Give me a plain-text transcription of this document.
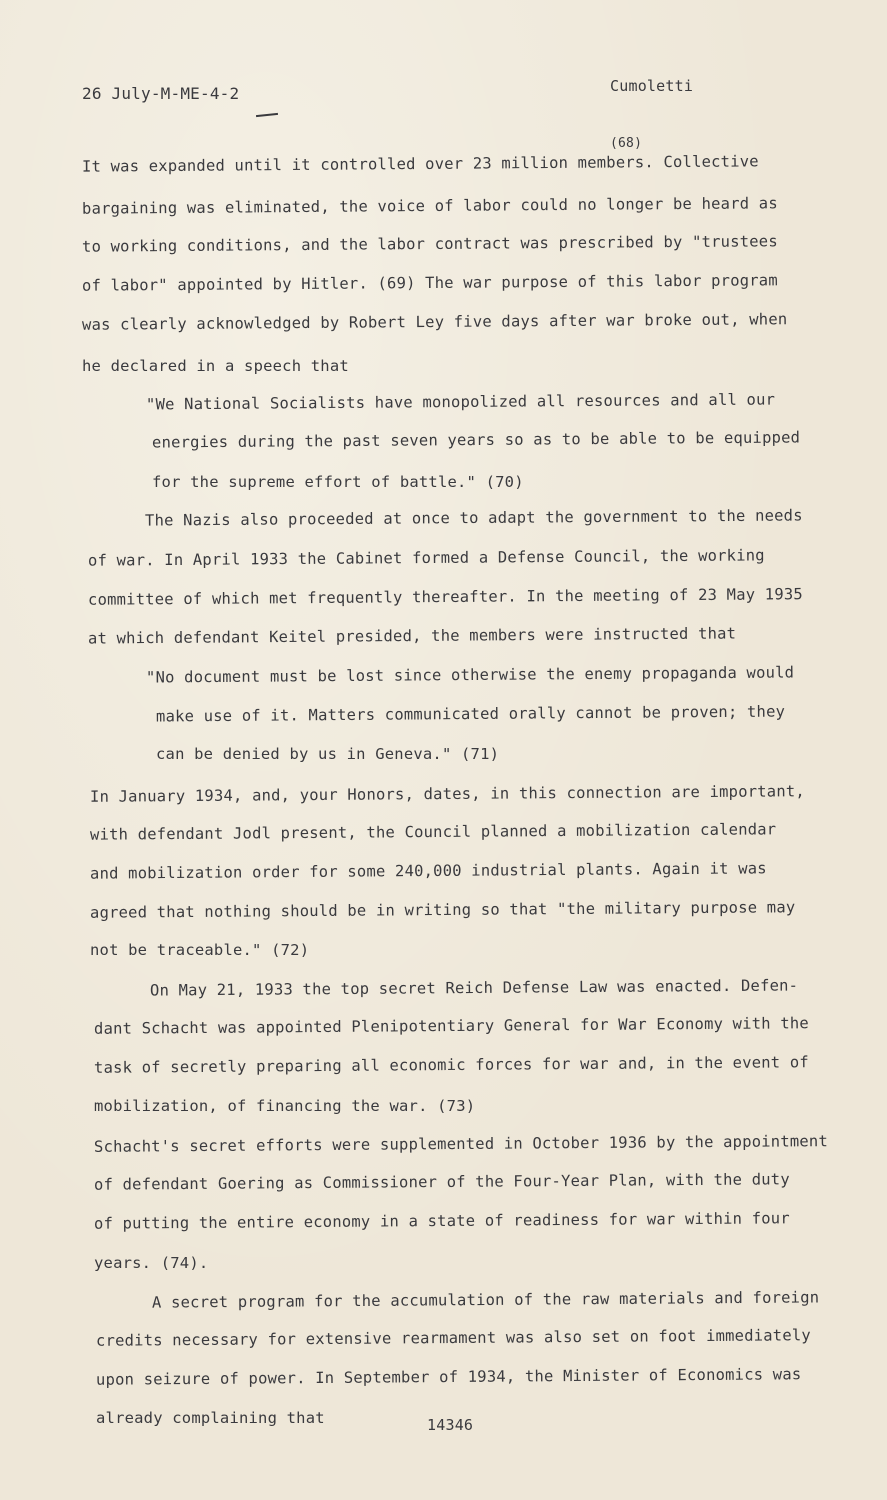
26 July-M-ME-4-2	Cumoletti
(68)
It was expanded until it controlled over 23 million members. Collective
bargaining was eliminated, the voice of labor could no longer be heard as
to working conditions, and the labor contract was prescribed by "trustees
of labor" appointed by Hitler. (69) The war purpose of this labor program
was clearly acknowledged by Robert Ley five days after war broke out, when
he declared in a speech that
"We National Socialists have monopolized all resources and all our
energies during the past seven years so as to be able to be equipped
for the supreme effort of battle." (70)
The Nazis also proceeded at once to adapt the government to the needs
of war. In April 1933 the Cabinet formed a Defense Council, the working
committee of which met frequently thereafter. In the meeting of 23 May 1935
at which defendant Keitel presided, the members were instructed that
"No document must be lost since otherwise the enemy propaganda would
make use of it. Matters communicated orally cannot be proven; they
can be denied by us in Geneva." (71)
In January 1934, and, your Honors, dates, in this connection are important,
with defendant Jodl present, the Council planned a mobilization calendar
and mobilization order for some 240,000 industrial plants. Again it was
agreed that nothing should be in writing so that "the military purpose may
not be traceable." (72)
On May 21, 1933 the top secret Reich Defense Law was enacted. Defen-
dant Schacht was appointed Plenipotentiary General for War Economy with the
task of secretly preparing all economic forces for war and, in the event of
mobilization, of financing the war. (73)
Schacht's secret efforts were supplemented in October 1936 by the appointment
of defendant Goering as Commissioner of the Four-Year Plan, with the duty
of putting the entire economy in a state of readiness for war within four
years. (74).
A secret program for the accumulation of the raw materials and foreign
credits necessary for extensive rearmament was also set on foot immediately
upon seizure of power. In September of 1934, the Minister of Economics was
already complaining that	14346
